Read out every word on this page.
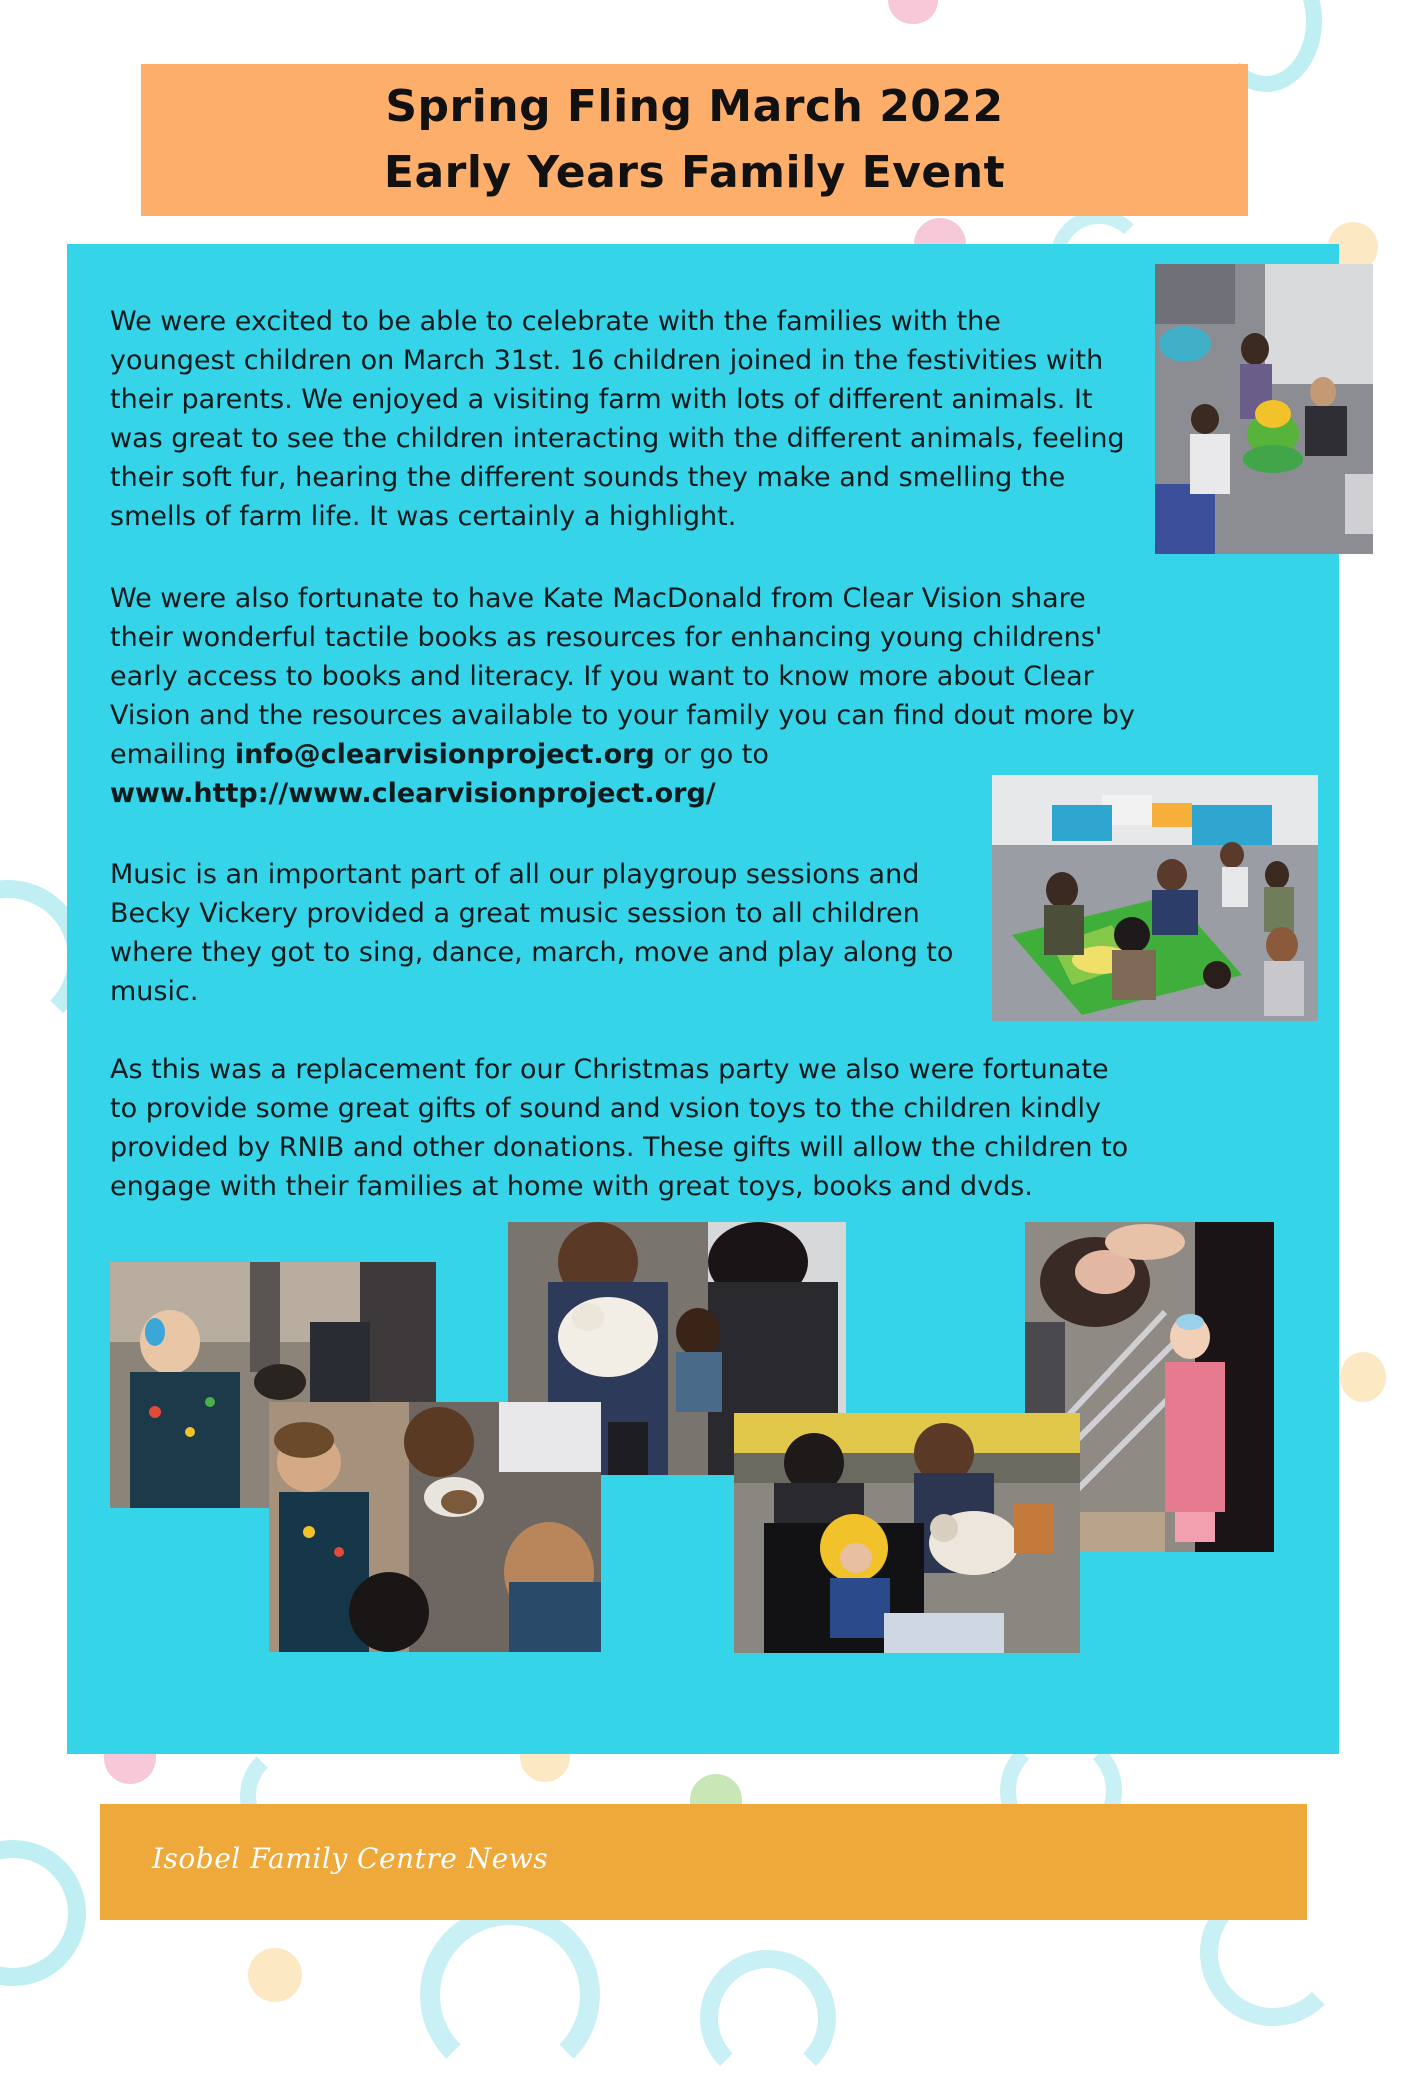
Spring Fling March 2022
Early Years Family Event

We were excited to be able to celebrate with the families with the youngest children on March 31st. 16 children joined in the festivities with their parents. We enjoyed a visiting farm with lots of different animals. It was great to see the children interacting with the different animals, feeling their soft fur, hearing the different sounds they make and smelling the smells of farm life. It was certainly a highlight.

We were also fortunate to have Kate MacDonald from Clear Vision share their wonderful tactile books as resources for enhancing young childrens' early access to books and literacy. If you want to know more about Clear Vision and the resources available to your family you can find dout more by emailing info@clearvisionproject.org or go to www.http://www.clearvisionproject.org/

Music is an important part of all our playgroup sessions and Becky Vickery provided a great music session to all children where they got to sing, dance, march, move and play along to music.

As this was a replacement for our Christmas party we also were fortunate to provide some great gifts of sound and vsion toys to the children kindly provided by RNIB and other donations. These gifts will allow the children to engage with their families at home with great toys, books and dvds.

Isobel Family Centre News
